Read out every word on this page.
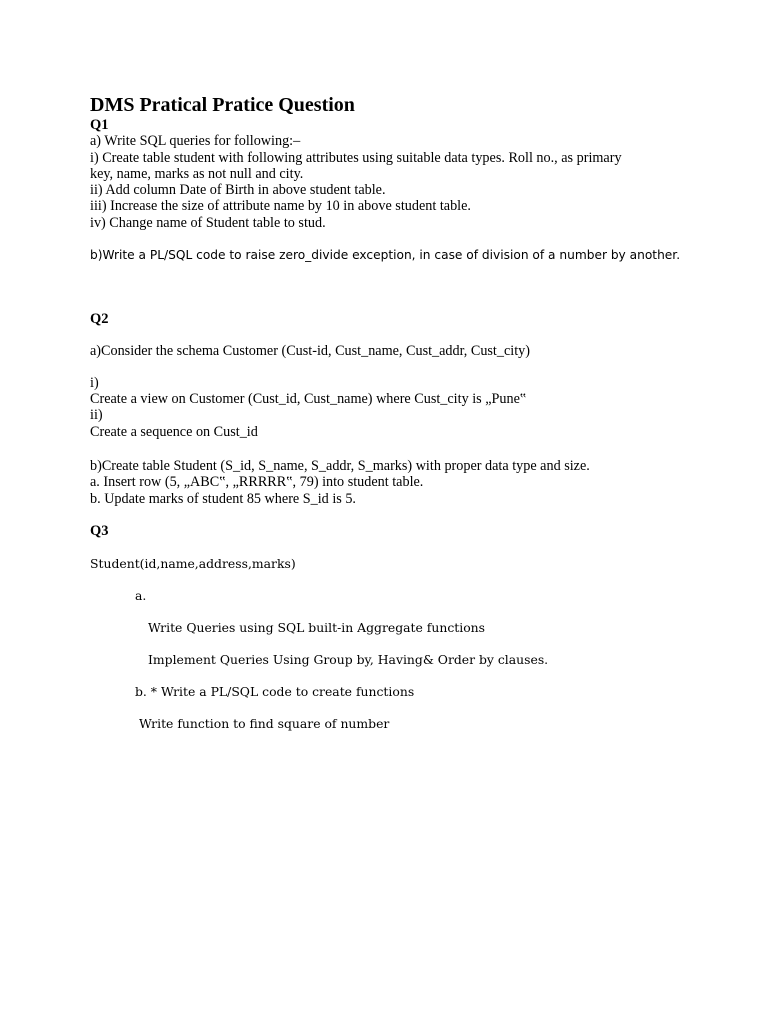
DMS Pratical Pratice Question
Q1
a) Write SQL queries for following:–
i) Create table student with following attributes using suitable data types. Roll no., as primary
key, name, marks as not null and city.
ii) Add column Date of Birth in above student table.
iii) Increase the size of attribute name by 10 in above student table.
iv) Change name of Student table to stud.
b)Write a PL/SQL code to raise zero_divide exception, in case of division of a number by another.
Q2
a)Consider the schema Customer (Cust-id, Cust_name, Cust_addr, Cust_city)
i)
Create a view on Customer (Cust_id, Cust_name) where Cust_city is „Pune‟
ii)
Create a sequence on Cust_id
b)Create table Student (S_id, S_name, S_addr, S_marks) with proper data type and size.
a. Insert row (5, „ABC‟, „RRRRR‟, 79) into student table.
b. Update marks of student 85 where S_id is 5.
Q3
Student(id,name,address,marks)
a.
Write Queries using SQL built-in Aggregate functions
Implement Queries Using Group by, Having& Order by clauses.
b. * Write a PL/SQL code to create functions
Write function to find square of number
